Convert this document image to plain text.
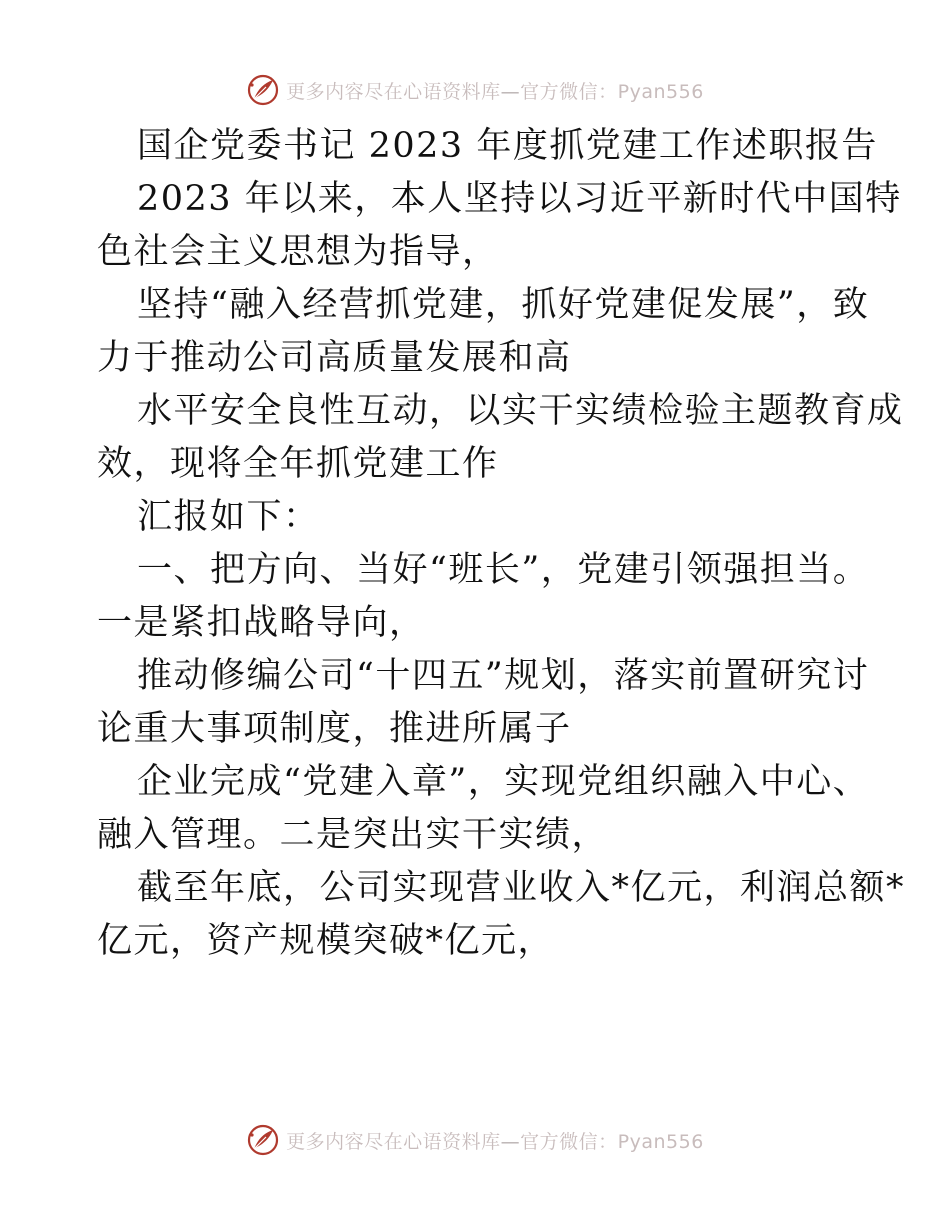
更多内容尽在心语资料库—官方微信：Pyan556
国企党委书记 2023 年度抓党建工作述职报告
2023 年以来，本人坚持以习近平新时代中国特
色社会主义思想为指导，
坚持“融入经营抓党建，抓好党建促发展”，致
力于推动公司高质量发展和高
水平安全良性互动，以实干实绩检验主题教育成
效，现将全年抓党建工作
汇报如下：
一、把方向、当好“班长”，党建引领强担当。
一是紧扣战略导向，
推动修编公司“十四五”规划，落实前置研究讨
论重大事项制度，推进所属子
企业完成“党建入章”，实现党组织融入中心、
融入管理。二是突出实干实绩，
截至年底，公司实现营业收入*亿元，利润总额*
亿元，资产规模突破*亿元，
更多内容尽在心语资料库—官方微信：Pyan556
